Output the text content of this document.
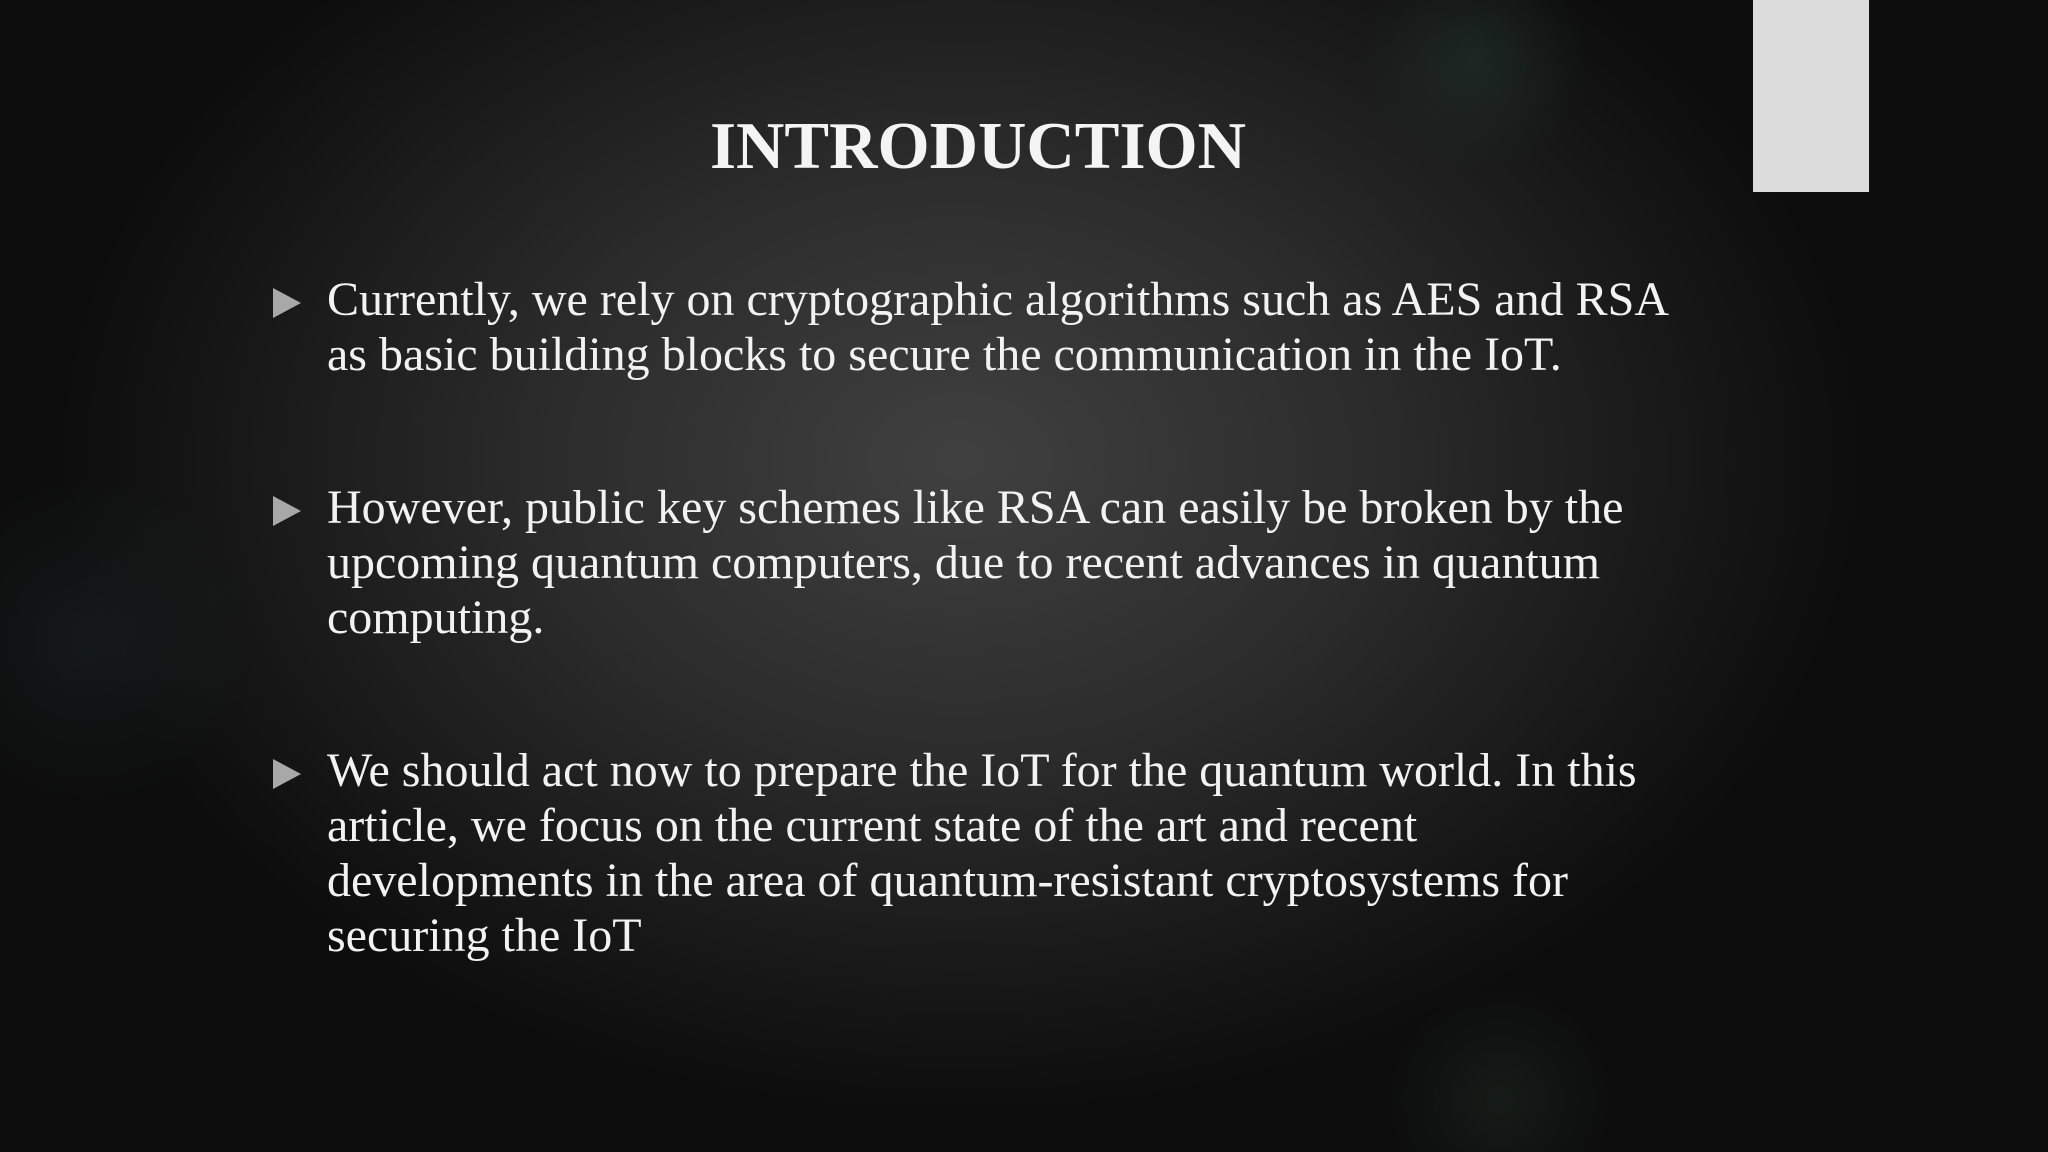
INTRODUCTION
Currently, we rely on cryptographic algorithms such as AES and RSA as basic building blocks to secure the communication in the IoT.
However, public key schemes like RSA can easily be broken by the upcoming quantum computers, due to recent advances in quantum computing.
We should act now to prepare the IoT for the quantum world. In this article, we focus on the current state of the art and recent developments in the area of quantum-resistant cryptosystems for securing the IoT
